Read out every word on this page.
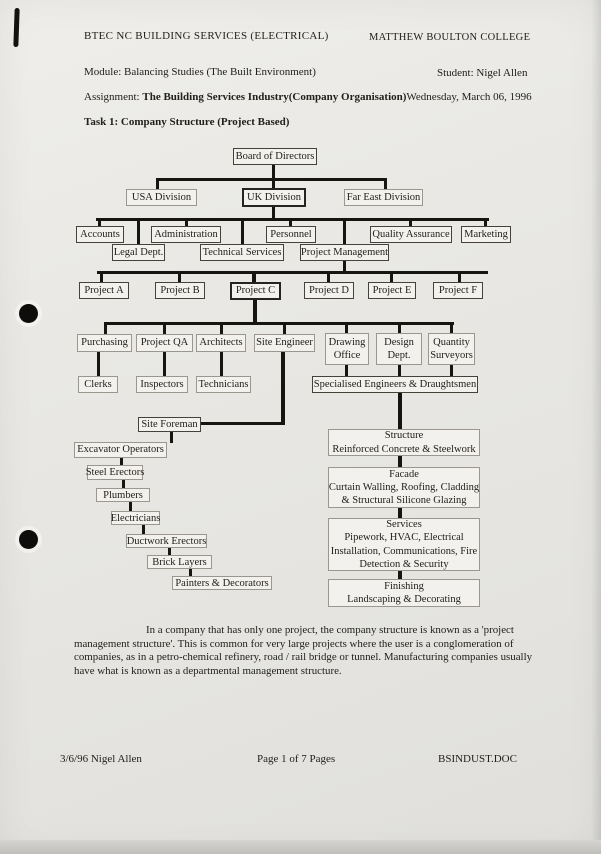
BTEC NC BUILDING SERVICES (ELECTRICAL)	MATTHEW BOULTON COLLEGE
Module: Balancing Studies (The Built Environment)	Student: Nigel Allen
Assignment: The Building Services Industry(Company Organisation)Wednesday, March 06, 1996
Task 1: Company Structure (Project Based)
Board of Directors
USA Division	UK Division	Far East Division
Accounts	Administration	Personnel	Quality Assurance Marketing
Legal Dept.	Technical Services Project Management
Project A	Project B	Project C	Project D Project E	Project F
Purchasing Project QA Architects Site Engineer Drawing
Office
Design
Dept.
Quantity
Surveyors
Clerks	Inspectors Technicians	Specialised Engineers & Draughtsmen
Site Foreman
Excavator Operators
Steel Erectors
Plumbers
Electricians
Ductwork Erectors
Brick Layers
Painters & Decorators
Structure
Reinforced Concrete & Steelwork
Facade
Curtain Walling, Roofing, Cladding
& Structural Silicone Glazing
Services
Pipework, HVAC, Electrical
Installation, Communications, Fire
Detection & Security
Finishing
Landscaping & Decorating
In a company that has only one project, the company structure is known as a 'project management structure'. This is common for very large projects where the user is a conglomeration of companies, as in a petro-chemical refinery, road / rail bridge or tunnel. Manufacturing companies usually have what is known as a departmental management structure.
3/6/96 Nigel Allen	Page 1 of 7 Pages	BSINDUST.DOC
